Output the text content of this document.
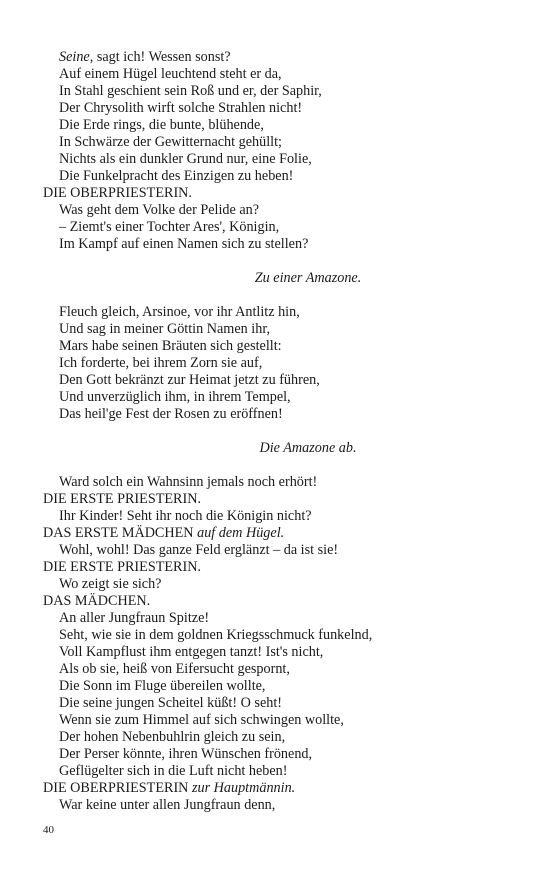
Seine, sagt ich! Wessen sonst?
Auf einem Hügel leuchtend steht er da,
In Stahl geschient sein Roß und er, der Saphir,
Der Chrysolith wirft solche Strahlen nicht!
Die Erde rings, die bunte, blühende,
In Schwärze der Gewitternacht gehüllt;
Nichts als ein dunkler Grund nur, eine Folie,
Die Funkelpracht des Einzigen zu heben!
DIE OBERPRIESTERIN.
Was geht dem Volke der Pelide an?
– Ziemt's einer Tochter Ares', Königin,
Im Kampf auf einen Namen sich zu stellen?
Zu einer Amazone.
Fleuch gleich, Arsinoe, vor ihr Antlitz hin,
Und sag in meiner Göttin Namen ihr,
Mars habe seinen Bräuten sich gestellt:
Ich forderte, bei ihrem Zorn sie auf,
Den Gott bekränzt zur Heimat jetzt zu führen,
Und unverzüglich ihm, in ihrem Tempel,
Das heil'ge Fest der Rosen zu eröffnen!
Die Amazone ab.
Ward solch ein Wahnsinn jemals noch erhört!
DIE ERSTE PRIESTERIN.
Ihr Kinder! Seht ihr noch die Königin nicht?
DAS ERSTE MÄDCHEN auf dem Hügel.
Wohl, wohl! Das ganze Feld erglänzt – da ist sie!
DIE ERSTE PRIESTERIN.
Wo zeigt sie sich?
DAS MÄDCHEN.
An aller Jungfraun Spitze!
Seht, wie sie in dem goldnen Kriegsschmuck funkelnd,
Voll Kampflust ihm entgegen tanzt! Ist's nicht,
Als ob sie, heiß von Eifersucht gespornt,
Die Sonn im Fluge übereilen wollte,
Die seine jungen Scheitel küßt! O seht!
Wenn sie zum Himmel auf sich schwingen wollte,
Der hohen Nebenbuhlrin gleich zu sein,
Der Perser könnte, ihren Wünschen frönend,
Geflügelter sich in die Luft nicht heben!
DIE OBERPRIESTERIN zur Hauptmännin.
War keine unter allen Jungfraun denn,
40
